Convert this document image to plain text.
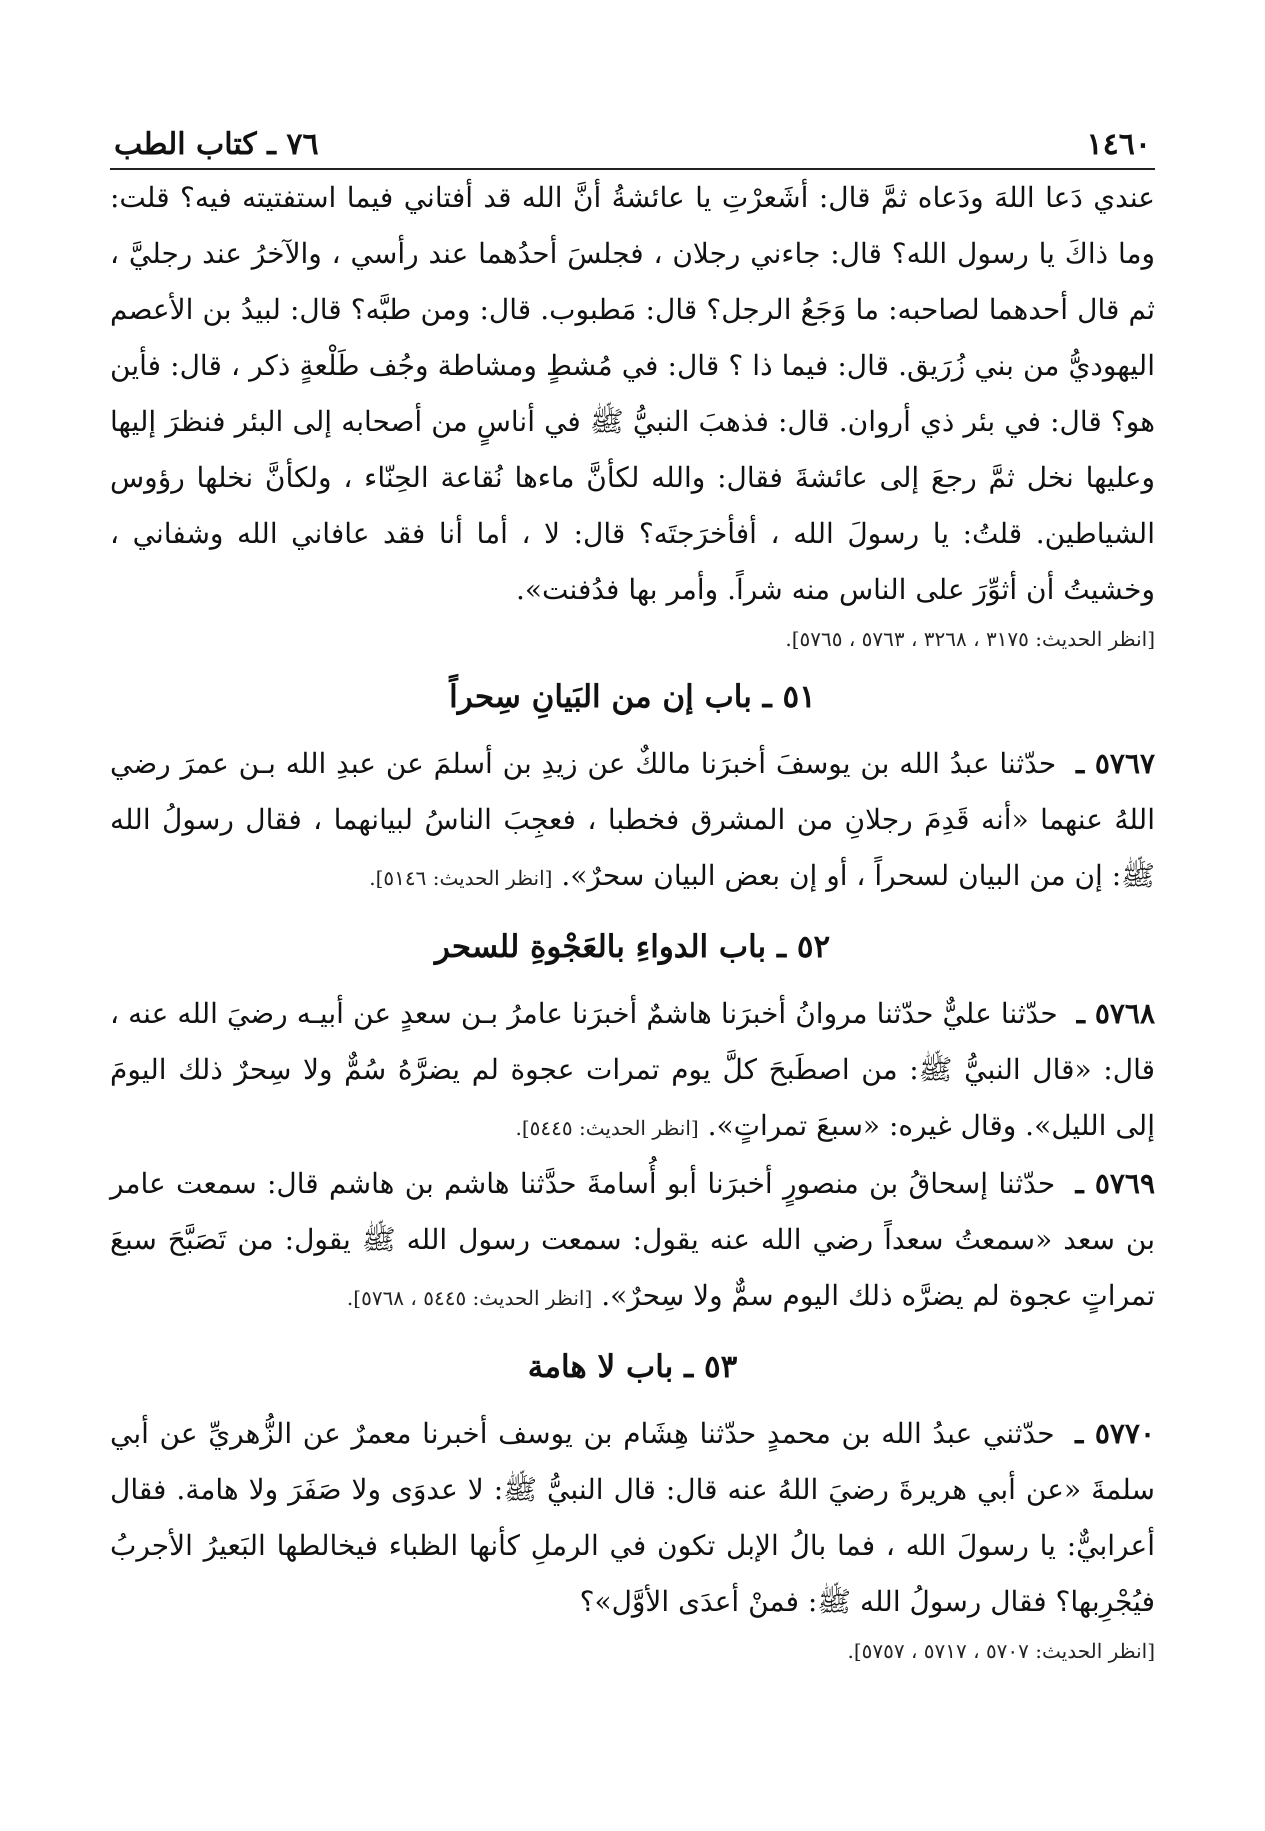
١٤٦٠
٧٦ ـ كتاب الطب

عندي دَعا اللهَ ودَعاه ثمَّ قال: أشَعرْتِ يا عائشةُ أنَّ الله قد أفتاني فيما استفتيته فيه؟ قلت: وما ذاكَ يا رسول الله؟ قال: جاءني رجلان ، فجلسَ أحدُهما عند رأسي ، والآخرُ عند رجليَّ ، ثم قال أحدهما لصاحبه: ما وَجَعُ الرجل؟ قال: مَطبوب. قال: ومن طبَّه؟ قال: لبيدُ بن الأعصم اليهوديُّ من بني زُرَيق. قال: فيما ذا ؟ قال: في مُشطٍ ومشاطة وجُف طَلْعةٍ ذكر ، قال: فأين هو؟ قال: في بئر ذي أروان. قال: فذهبَ النبيُّ ﷺ في أناسٍ من أصحابه إلى البئر فنظرَ إليها وعليها نخل ثمَّ رجعَ إلى عائشةَ فقال: والله لكأنَّ ماءها نُقاعة الحِنّاء ، ولكأنَّ نخلها رؤوس الشياطين. قلتُ: يا رسولَ الله ، أفأخرَجتَه؟ قال: لا ، أما أنا فقد عافاني الله وشفاني ، وخشيتُ أن أثوِّرَ على الناس منه شراً. وأمر بها فدُفنت».

[انظر الحديث: ٣١٧٥ ، ٣٢٦٨ ، ٥٧٦٣ ، ٥٧٦٥].

٥١ ـ باب إن من البَيانِ سِحراً

٥٧٦٧ ـ حدّثنا عبدُ الله بن يوسفَ أخبرَنا مالكٌ عن زيدِ بن أسلمَ عن عبدِ الله بـن عمرَ رضي اللهُ عنهما «أنه قَدِمَ رجلانِ من المشرق فخطبا ، فعجِبَ الناسُ لبيانهما ، فقال رسولُ الله ﷺ: إن من البيان لسحراً ، أو إن بعض البيان سحرٌ». [انظر الحديث: ٥١٤٦].

٥٢ ـ باب الدواءِ بالعَجْوةِ للسحر

٥٧٦٨ ـ حدّثنا عليٌّ حدّثنا مروانُ أخبرَنا هاشمٌ أخبرَنا عامرُ بـن سعدٍ عن أبيـه رضيَ الله عنه ، قال: «قال النبيُّ ﷺ: من اصطَبحَ كلَّ يوم تمرات عجوة لم يضرَّهُ سُمٌّ ولا سِحرٌ ذلك اليومَ إلى الليل». وقال غيره: «سبعَ تمراتٍ». [انظر الحديث: ٥٤٤٥].

٥٧٦٩ ـ حدّثنا إسحاقُ بن منصورٍ أخبرَنا أبو أُسامةَ حدَّثنا هاشم بن هاشم قال: سمعت عامر بن سعد «سمعتُ سعداً رضي الله عنه يقول: سمعت رسول الله ﷺ يقول: من تَصَبَّحَ سبعَ تمراتٍ عجوة لم يضرَّه ذلك اليوم سمٌّ ولا سِحرٌ». [انظر الحديث: ٥٤٤٥ ، ٥٧٦٨].

٥٣ ـ باب لا هامة

٥٧٧٠ ـ حدّثني عبدُ الله بن محمدٍ حدّثنا هِشَام بن يوسف أخبرنا معمرٌ عن الزُّهريِّ عن أبي سلمةَ «عن أبي هريرةَ رضيَ اللهُ عنه قال: قال النبيُّ ﷺ: لا عدوَى ولا صَفَرَ ولا هامة. فقال أعرابيٌّ: يا رسولَ الله ، فما بالُ الإبل تكون في الرملِ كأنها الظباء فيخالطها البَعيرُ الأجربُ فيُجْرِبها؟ فقال رسولُ الله ﷺ: فمنْ أعدَى الأوَّل»؟

[انظر الحديث: ٥٧٠٧ ، ٥٧١٧ ، ٥٧٥٧].
